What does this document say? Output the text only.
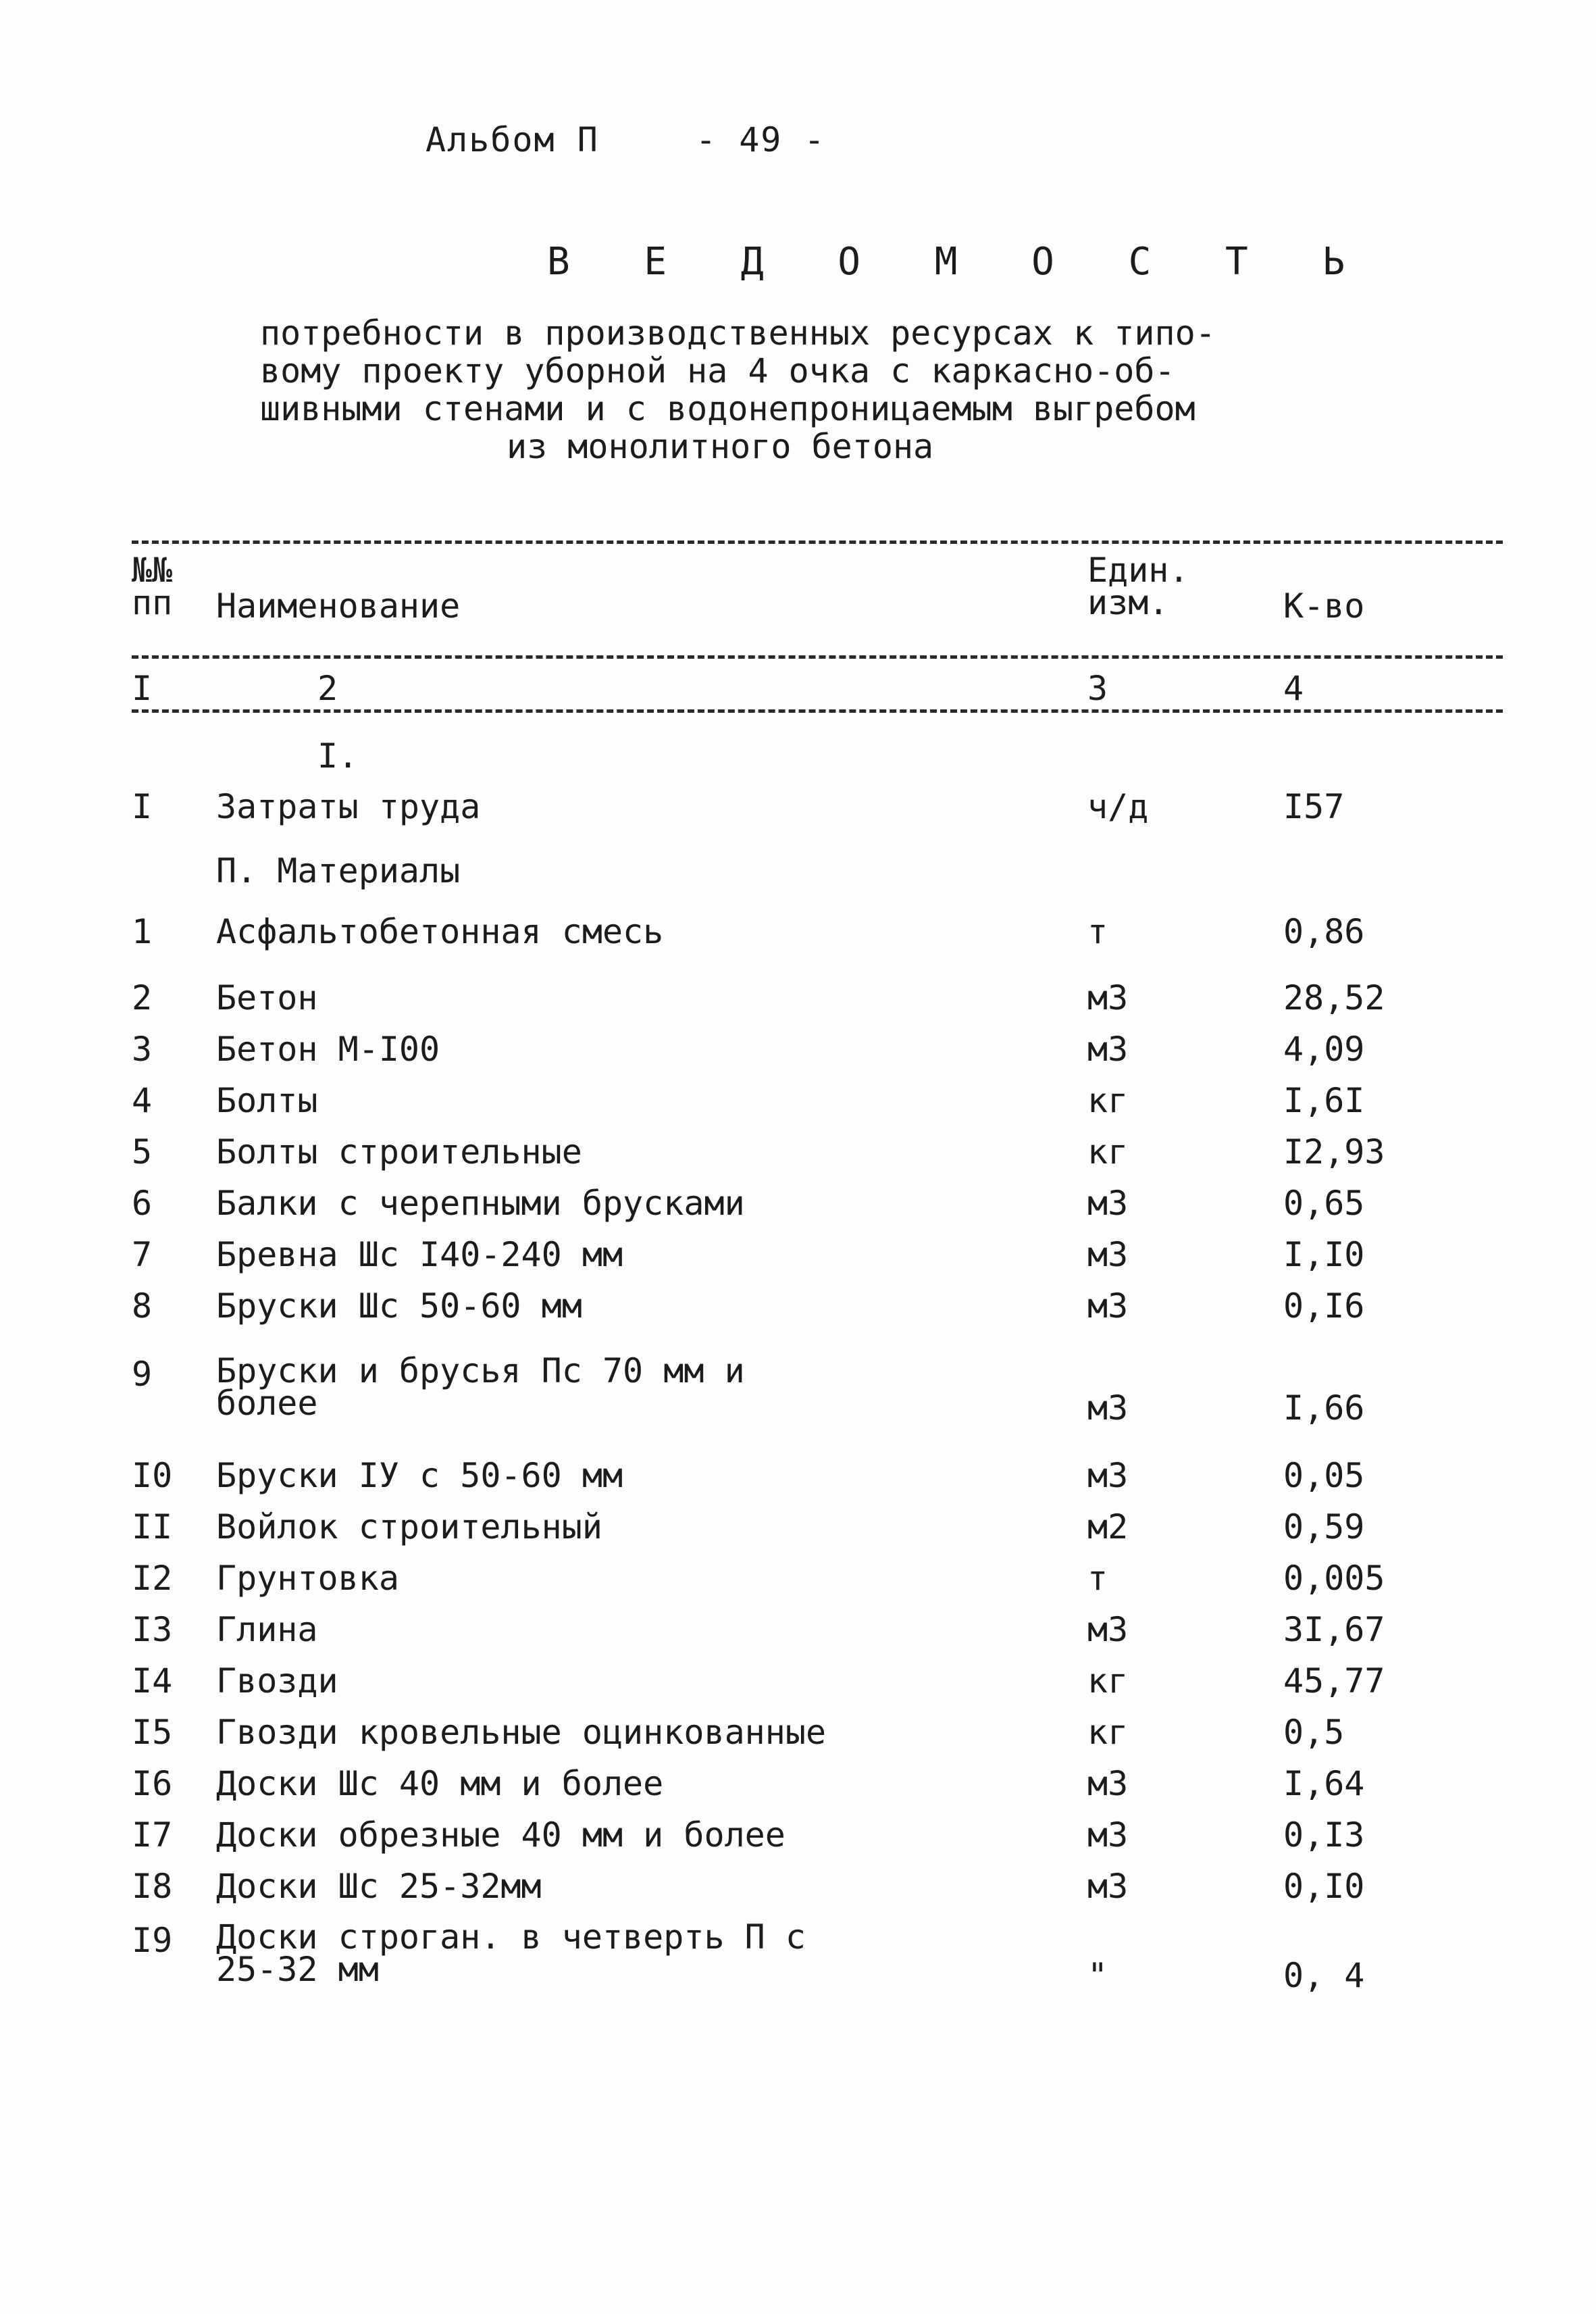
Альбом П	- 49 -
В Е Д О М О С Т Ь
потребности в производственных ресурсах к типо-
вому проекту уборной на 4 очка с каркасно-об-
шивными стенами и с водонепроницаемым выгребом
из монолитного бетона
№№
пп Наименование
Един.
изм.	К-во
I	2	3	4
I.
I Затраты труда	ч/д	I57
П. Материалы
1 Асфальтобетонная смесь	т	0,86
2 Бетон	м3	28,52
3 Бетон М-I00	м3	4,09
4 Болты	кг	I,6I
5 Болты строительные	кг	I2,93
6 Балки с черепными брусками	м3	0,65
7 Бревна Шс I40-240 мм	м3	I,I0
8 Бруски Шс 50-60 мм	м3	0,I6
9 Бруски и брусья Пс 70 мм и
более	м3	I,66
I0 Бруски IУ с 50-60 мм	м3	0,05
II Войлок строительный	м2	0,59
I2 Грунтовка	т	0,005
I3 Глина	м3	3I,67
I4 Гвозди	кг	45,77
I5 Гвозди кровельные оцинкованные	кг	0,5
I6 Доски Шс 40 мм и более	м3	I,64
I7 Доски обрезные 40 мм и более	м3	0,I3
I8 Доски Шс 25-32мм	м3	0,I0
I9 Доски строган. в четверть П с
25-32 мм	"	0, 4
